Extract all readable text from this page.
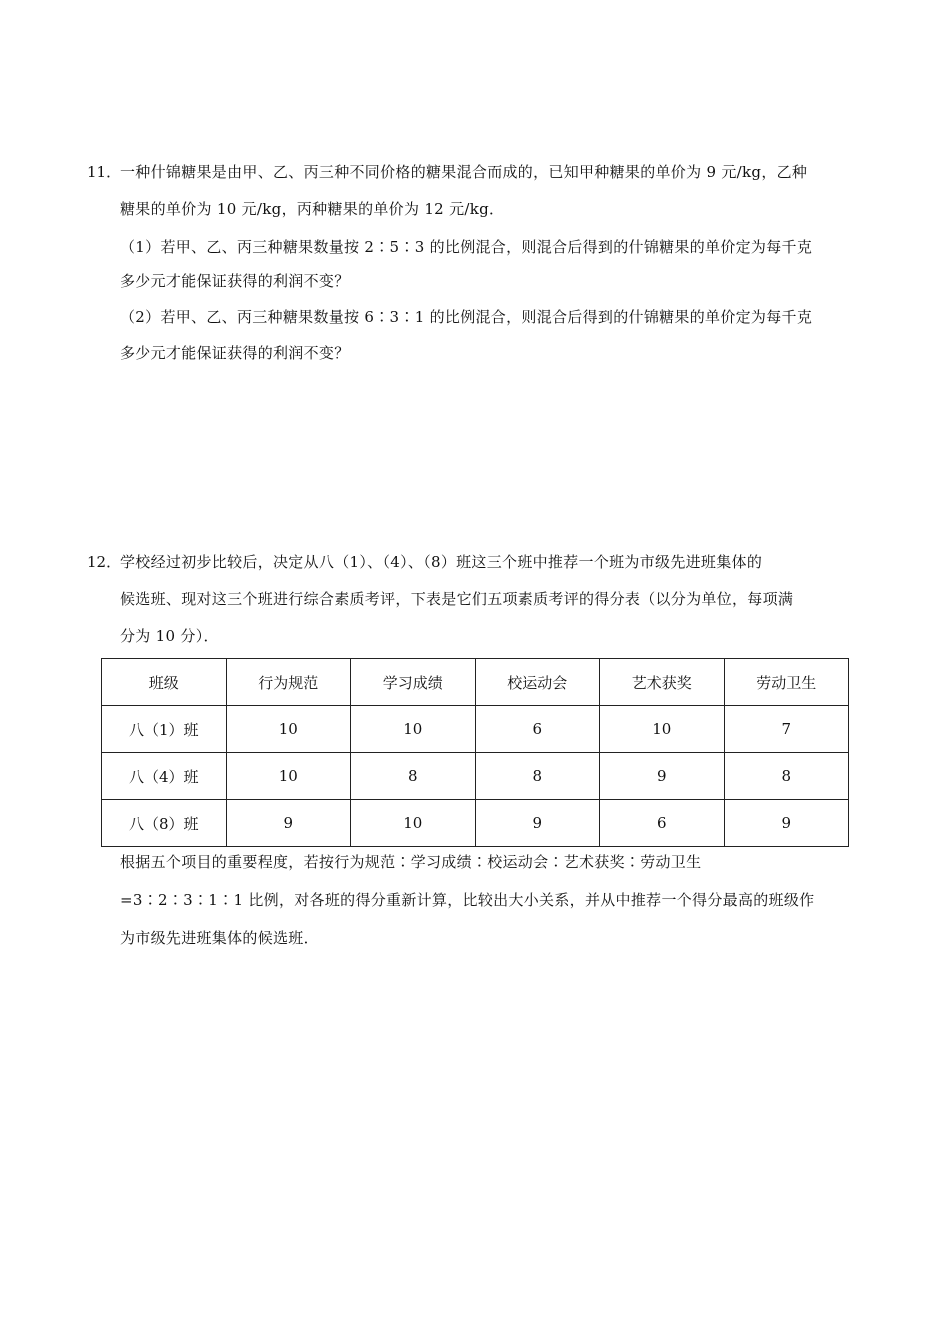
11．
一种什锦糖果是由甲、乙、丙三种不同价格的糖果混合而成的，已知甲种糖果的单价为 9 元/kg，乙种
糖果的单价为 10 元/kg，丙种糖果的单价为 12 元/kg．
（1）若甲、乙、丙三种糖果数量按 2∶5∶3 的比例混合，则混合后得到的什锦糖果的单价定为每千克
多少元才能保证获得的利润不变？
（2）若甲、乙、丙三种糖果数量按 6∶3∶1 的比例混合，则混合后得到的什锦糖果的单价定为每千克
多少元才能保证获得的利润不变？
12．
学校经过初步比较后，决定从八（1）、（4）、（8）班这三个班中推荐一个班为市级先进班集体的
候选班、现对这三个班进行综合素质考评，下表是它们五项素质考评的得分表（以分为单位，每项满
分为 10 分）．
班级	行为规范	学习成绩	校运动会	艺术获奖	劳动卫生
八（1）班	10	10	6	10	7
八（4）班	10	8	8	9	8
八（8）班	9	10	9	6	9
根据五个项目的重要程度，若按行为规范∶学习成绩∶校运动会∶艺术获奖∶劳动卫生
=3∶2∶3∶1∶1 比例，对各班的得分重新计算，比较出大小关系，并从中推荐一个得分最高的班级作
为市级先进班集体的候选班．
